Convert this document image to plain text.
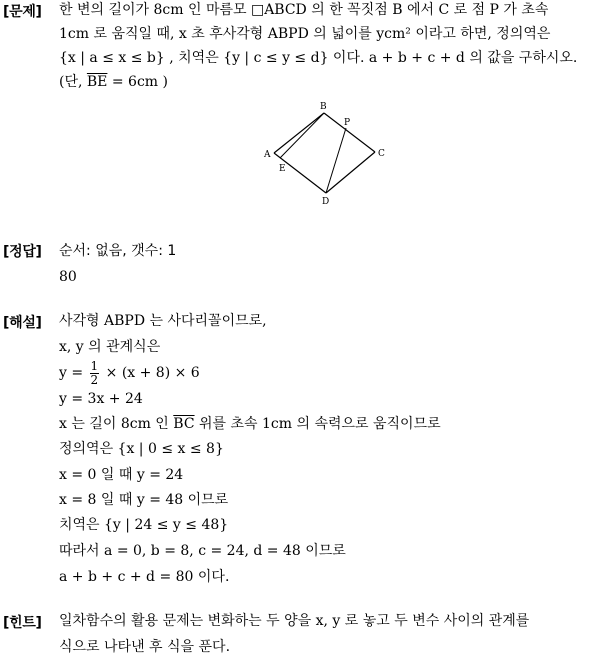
[문제] 한 변의 길이가 8cm 인 마름모 □ABCD 의 한 꼭짓점 B 에서 C 로 점 P 가 초속
1cm 로 움직일 때, x 초 후사각형 ABPD 의 넓이를 ycm² 이라고 하면, 정의역은
{x | a ≤ x ≤ b} , 치역은 {y | c ≤ y ≤ d} 이다. a + b + c + d 의 값을 구하시오.
(단, $\overline{BE} = 6cm$ )
B
P
A	C
E
D
[정답] 순서: 없음, 갯수: 1
80
[해설] 사각형 ABPD 는 사다리꼴이므로,
x, y 의 관계식은
$y = \frac{1}{2} \times (x + 8) \times 6$
y = 3x + 24
x 는 길이 8cm 인 $\overline{BC}$ 위를 초속 1cm 의 속력으로 움직이므로
정의역은 {x | 0 ≤ x ≤ 8}
x = 0 일 때 y = 24
x = 8 일 때 y = 48 이므로
치역은 {y | 24 ≤ y ≤ 48}
따라서 a = 0, b = 8, c = 24, d = 48 이므로
a + b + c + d = 80 이다.
[힌트] 일차함수의 활용 문제는 변화하는 두 양을 x, y 로 놓고 두 변수 사이의 관계를
식으로 나타낸 후 식을 푼다.
